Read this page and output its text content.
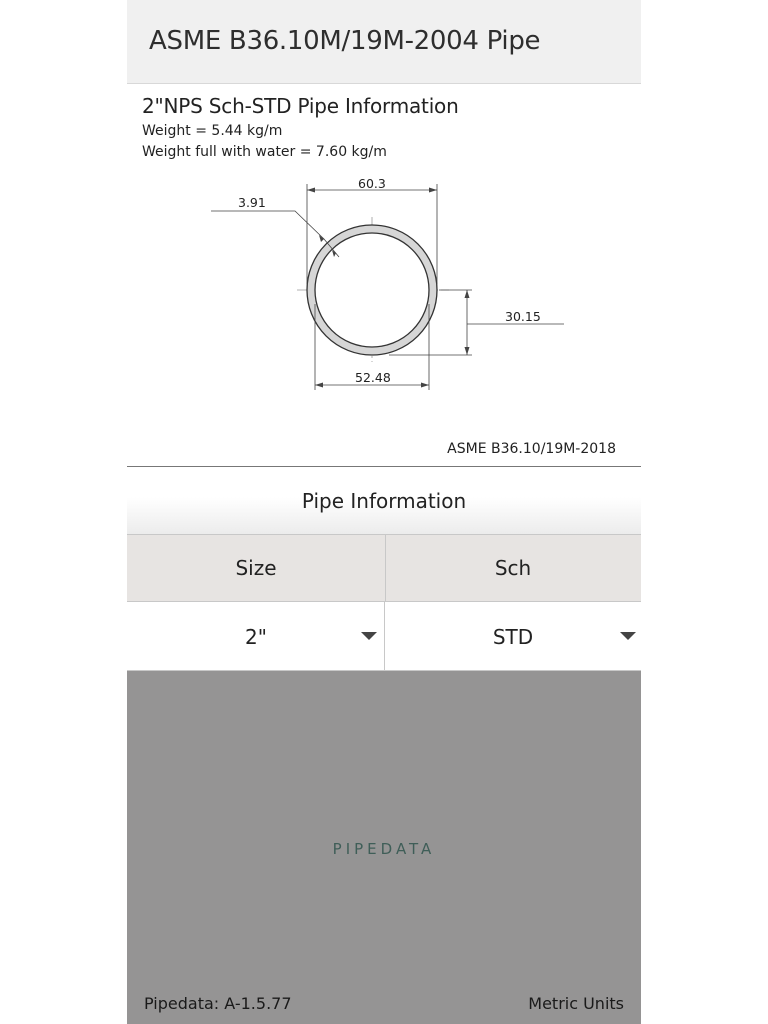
ASME B36.10M/19M-2004 Pipe
2"NPS Sch-STD Pipe Information
Weight = 5.44 kg/m
Weight full with water = 7.60 kg/m
60.3
3.91
52.48
30.15
ASME B36.10/19M-2018
Pipe Information
Size	Sch
2"	STD
PIPEDATA
Pipedata: A-1.5.77	Metric Units
